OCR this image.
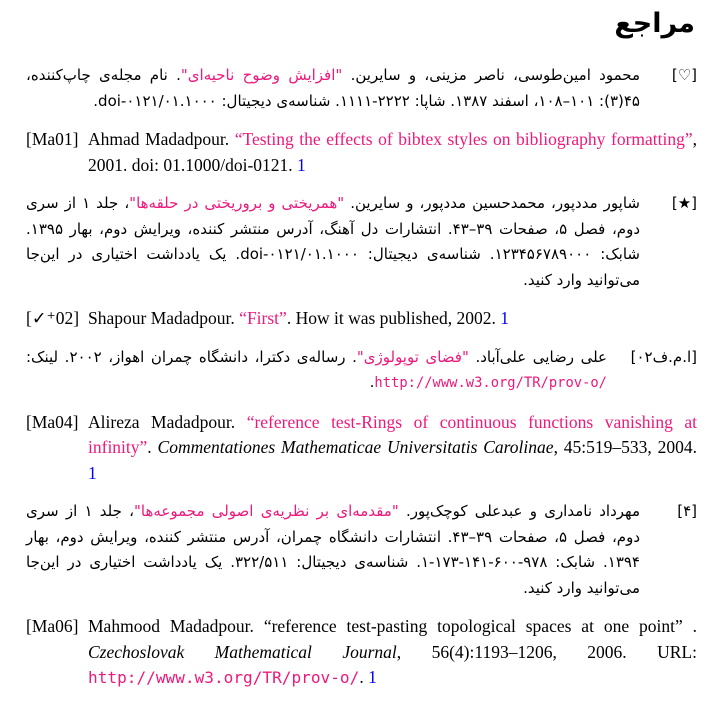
مراجع
[♡]

محمود امین‌طوسی، ناصر مزینی، و سایرین. "افزایش وضوح ناحیه‌ای". نام مجله‌ی چاپ‌کننده، ۴۵(۳): ۱۰۱–۱۰۸، اسفند ۱۳۸۷. شاپا: ۲۲۲۲-۱۱۱۱. شناسه‌ی دیجیتال: ۰۱.۱۰۰۰/doi-۰۱۲۱.

[Ma01] Ahmad Madadpour. “Testing the effects of bibtex styles on bibliography formatting”, 2001. doi: 01.1000/doi-0121. 1

[★]

شاپور مددپور، محمدحسین مددپور، و سایرین. "همریختی و بروریختی در حلقه‌ها"، جلد ۱ از سری دوم، فصل ۵، صفحات ۳۹–۴۳. انتشارات دل آهنگ، آدرس منتشر کننده، ویرایش دوم، بهار ۱۳۹۵. شابک: ۱۲۳۴۵۶۷۸۹۰۰۰. شناسه‌ی دیجیتال: ۰۱.۱۰۰۰/doi-۰۱۲۱. یک یادداشت اختیاری در این‌جا می‌توانید وارد کنید.

[✓⁺02] Shapour Madadpour. “First”. How it was published, 2002. 1

[ا.م.ف۰۲]

علی رضایی علی‌آباد. "فضای توپولوژی". رساله‌ی دکترا، دانشگاه چمران اهواز، ۲۰۰۲. لینک: http://www.w3.org/TR/prov-o/.

[Ma04] Alireza Madadpour. “reference test-Rings of continuous functions vanishing at infinity”. Commentationes Mathematicae Universitatis Carolinae, 45:519–533, 2004. 1

[۴]

مهرداد نامداری و عبدعلی کوچک‌پور. "مقدمه‌ای بر نظریه‌ی اصولی مجموعه‌ها"، جلد ۱ از سری دوم، فصل ۵، صفحات ۳۹–۴۳. انتشارات دانشگاه چمران، آدرس منتشر کننده، ویرایش دوم، بهار ۱۳۹۴. شابک: ۹۷۸-۶۰۰-۱۴۱-۱۷۳-۱. شناسه‌ی دیجیتال: ۳۲۲/۵۱۱. یک یادداشت اختیاری در این‌جا می‌توانید وارد کنید.

[Ma06] Mahmood Madadpour. “reference test-pasting topological spaces at one point” . Czechoslovak Mathematical Journal, 56(4):1193–1206, 2006. URL: http://www.w3.org/TR/prov-o/. 1
